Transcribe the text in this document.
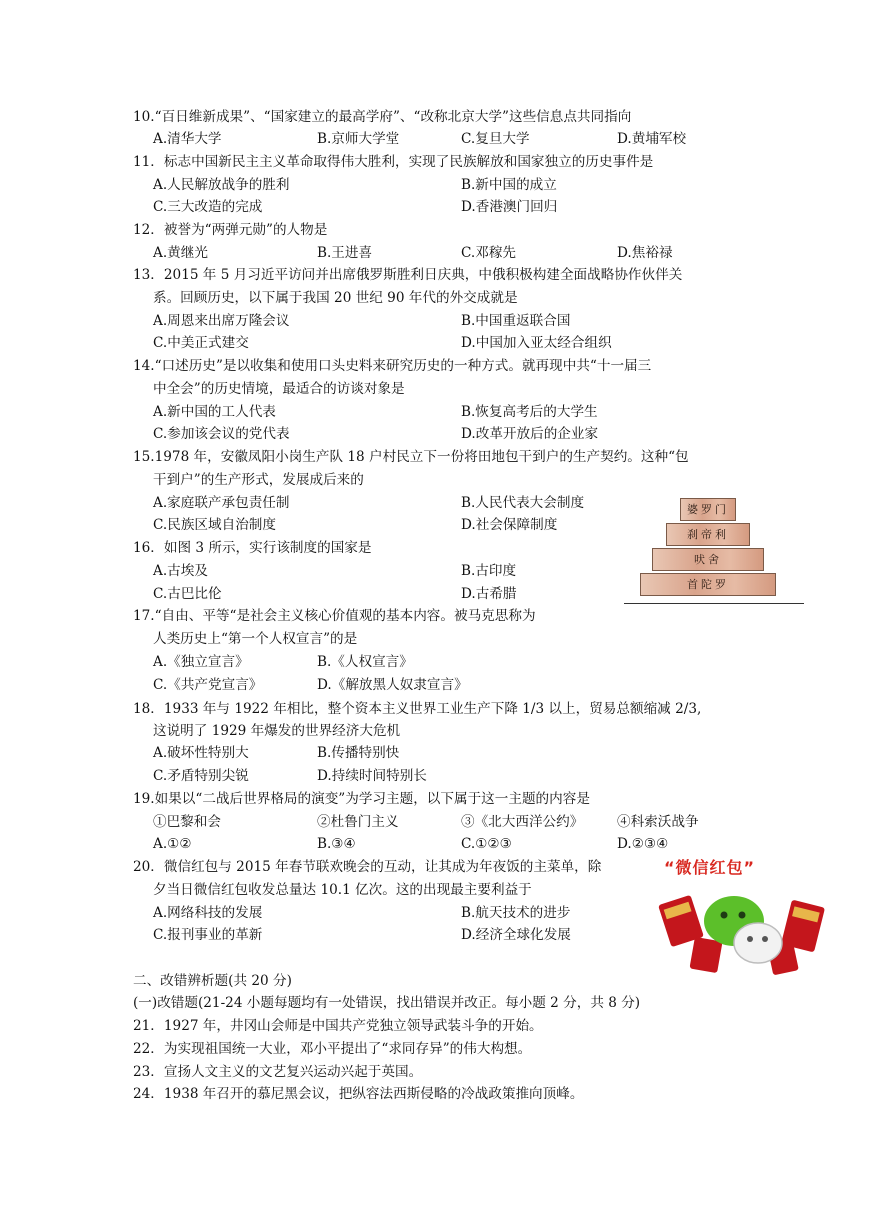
10.“百日维新成果”、“国家建立的最高学府”、“改称北京大学”这些信息点共同指向
A.清华大学	B.京师大学堂	C.复旦大学	D.黄埔军校
11．标志中国新民主主义革命取得伟大胜利，实现了民族解放和国家独立的历史事件是
A.人民解放战争的胜利	B.新中国的成立
C.三大改造的完成	D.香港澳门回归
12．被誉为“两弹元勋”的人物是
A.黄继光	B.王进喜	C.邓稼先	D.焦裕禄
13．2015 年 5 月习近平访问并出席俄罗斯胜利日庆典，中俄积极构建全面战略协作伙伴关
系。回顾历史，以下属于我国 20 世纪 90 年代的外交成就是
A.周恩来出席万隆会议	B.中国重返联合国
C.中美正式建交	D.中国加入亚太经合组织
14.“口述历史”是以收集和使用口头史料来研究历史的一种方式。就再现中共“十一届三
中全会”的历史情境，最适合的访谈对象是
A.新中国的工人代表	B.恢复高考后的大学生
C.参加该会议的党代表	D.改革开放后的企业家
15.1978 年，安徽凤阳小岗生产队 18 户村民立下一份将田地包干到户的生产契约。这种“包
干到户”的生产形式，发展成后来的
A.家庭联产承包责任制	B.人民代表大会制度
C.民族区域自治制度	D.社会保障制度
婆罗门
刹帝利
吠舍
首陀罗
16．如图 3 所示，实行该制度的国家是
A.古埃及	B.古印度
C.古巴比伦	D.古希腊
17.“自由、平等“是社会主义核心价值观的基本内容。被马克思称为
人类历史上“第一个人权宣言”的是
A.《独立宣言》	B.《人权宣言》
C.《共产党宣言》	D.《解放黑人奴隶宣言》
18．1933 年与 1922 年相比，整个资本主义世界工业生产下降 1/3 以上，贸易总额缩减 2/3,
这说明了 1929 年爆发的世界经济大危机
A.破坏性特别大	B.传播特别快
C.矛盾特别尖锐	D.持续时间特别长
19.如果以“二战后世界格局的演变”为学习主题，以下属于这一主题的内容是
①巴黎和会	②杜鲁门主义	③《北大西洋公约》 ④科索沃战争
A.①②	B.③④	C.①②③	D.②③④
20．微信红包与 2015 年春节联欢晚会的互动，让其成为年夜饭的主菜单，除
夕当日微信红包收发总量达 10.1 亿次。这的出现最主要利益于
A.网络科技的发展	B.航天技术的进步
C.报刊事业的革新	D.经济全球化发展
“微信红包”
二、改错辨析题(共 20 分)
(一)改错题(21-24 小题每题均有一处错误，找出错误并改正。每小题 2 分，共 8 分)
21．1927 年，井冈山会师是中国共产党独立领导武装斗争的开始。
22．为实现祖国统一大业，邓小平提出了“求同存异”的伟大构想。
23．宣扬人文主义的文艺复兴运动兴起于英国。
24．1938 年召开的慕尼黑会议，把纵容法西斯侵略的冷战政策推向顶峰。
